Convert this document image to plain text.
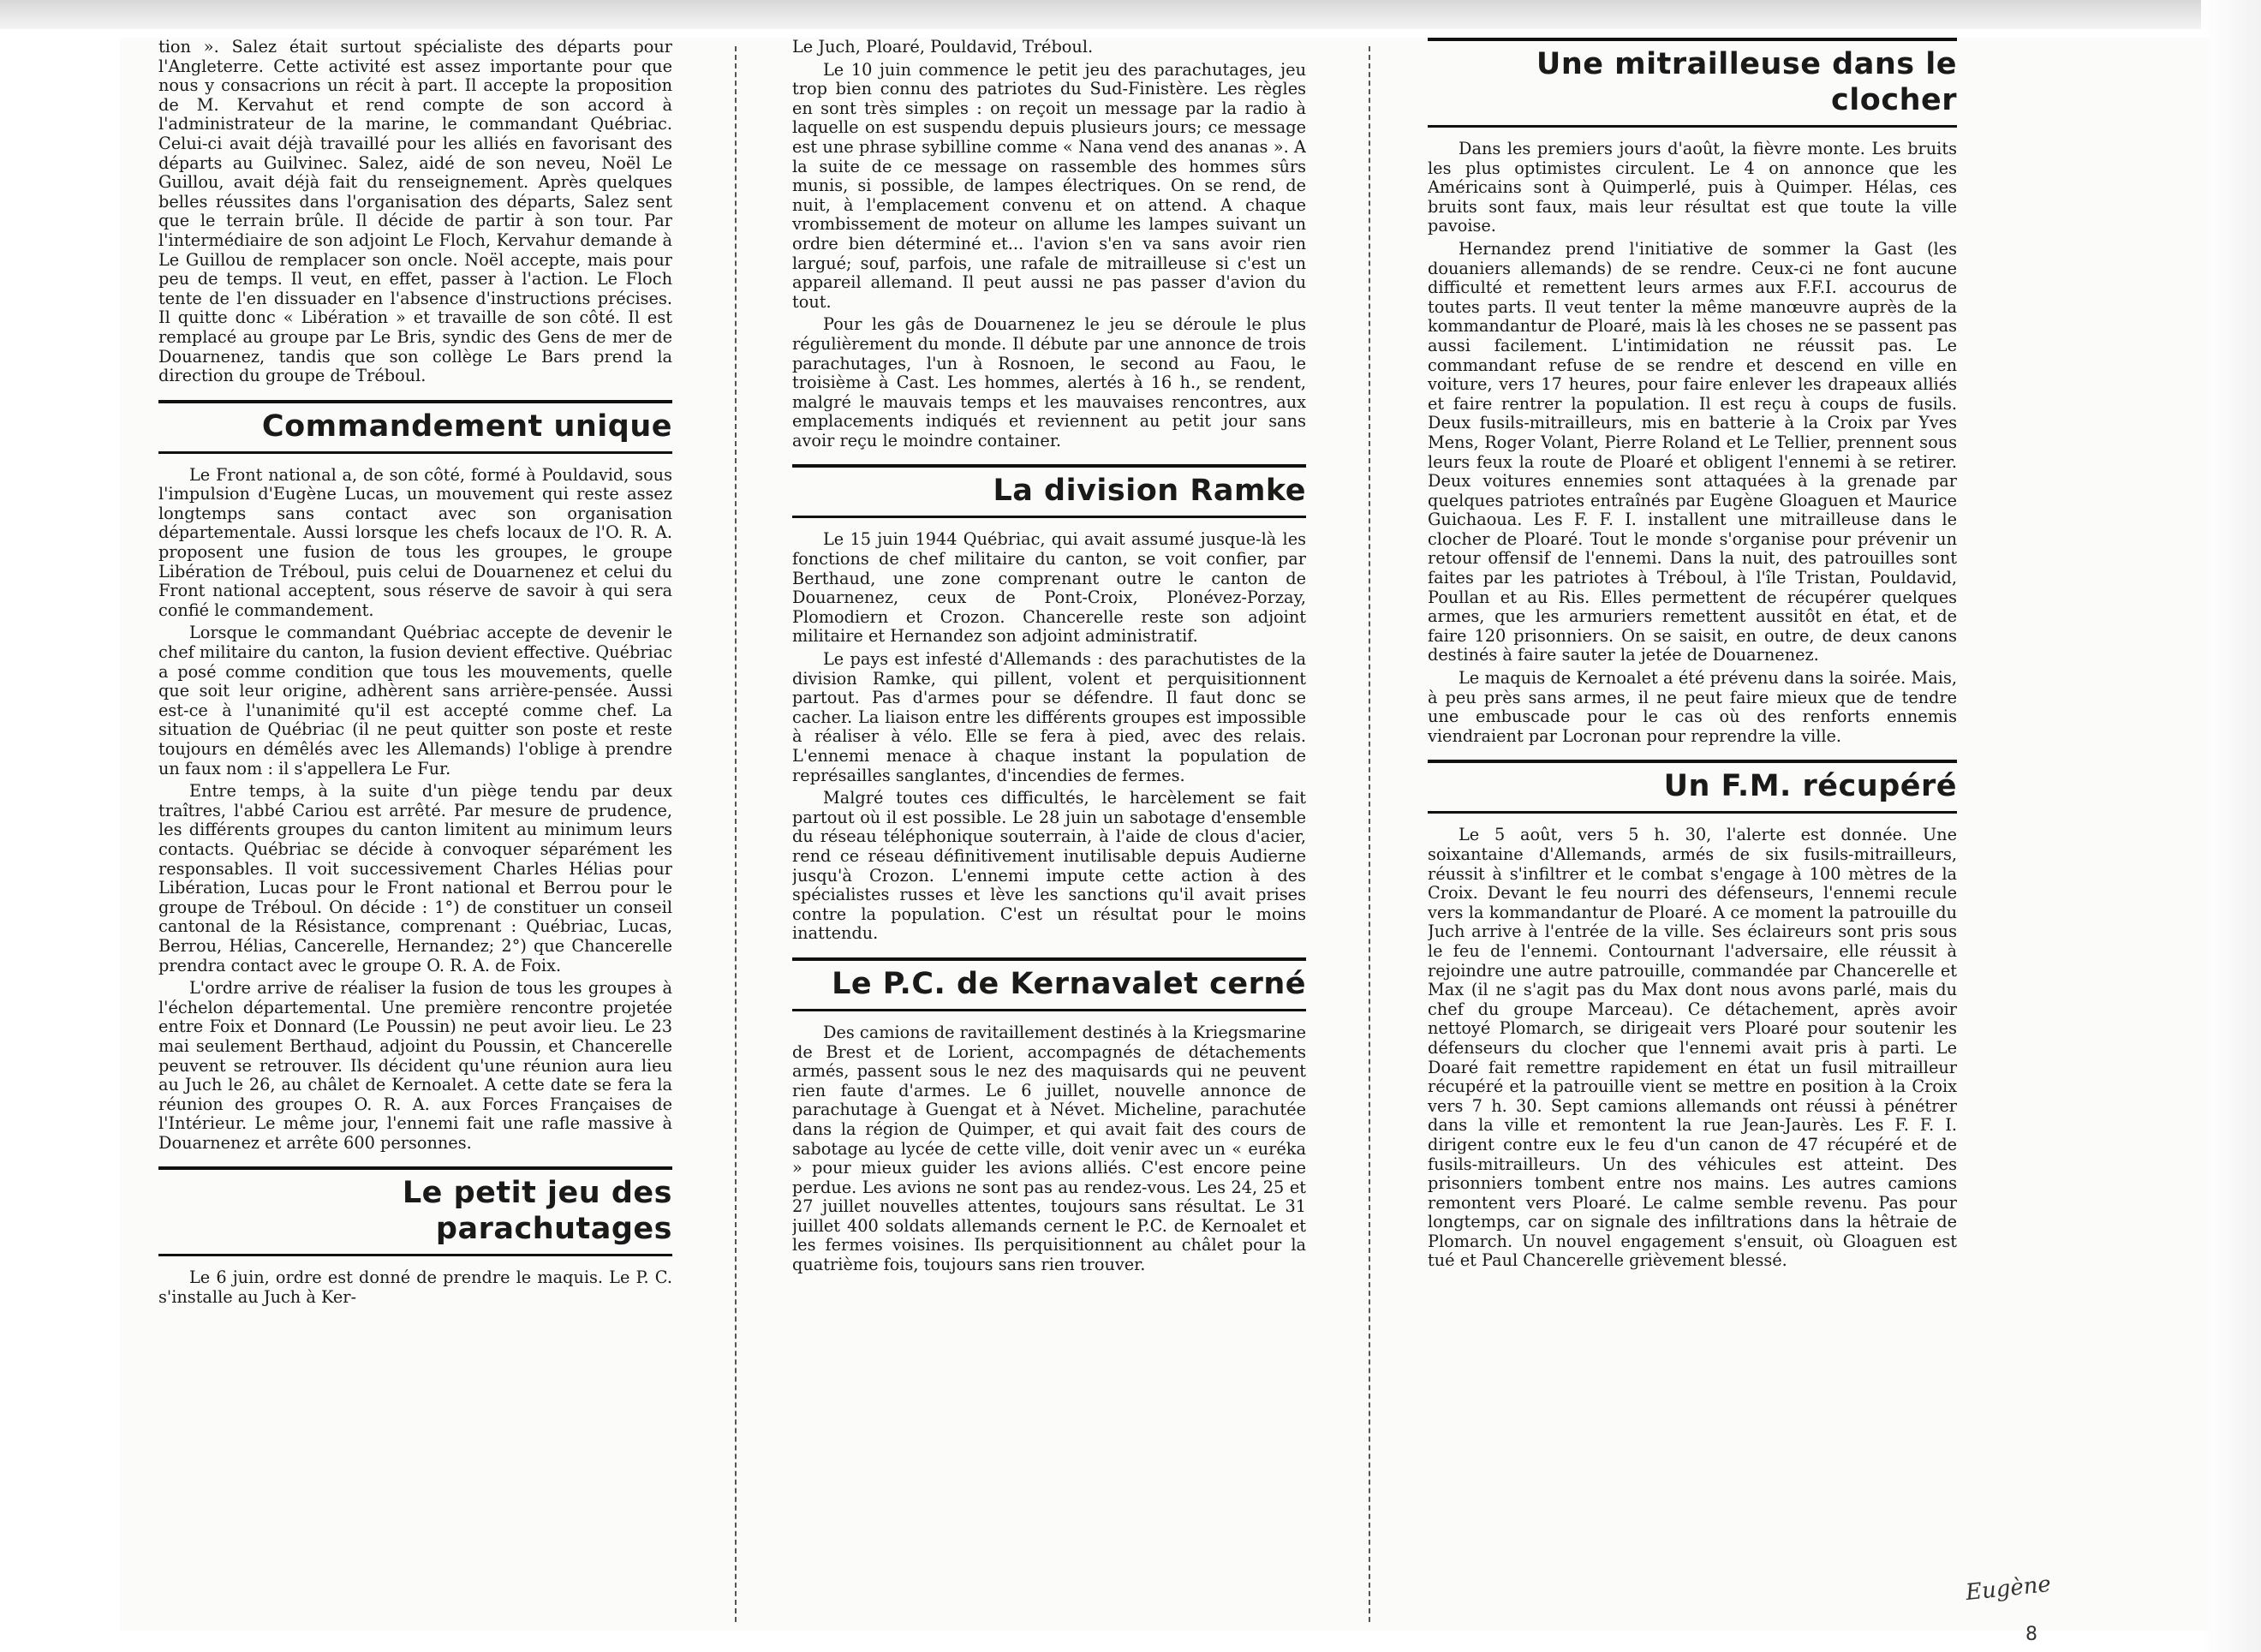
tion ». Salez était surtout spécialiste des départs pour l'Angleterre. Cette activité est assez importante pour que nous y consacrions un récit à part. Il accepte la proposition de M. Kervahut et rend compte de son accord à l'administrateur de la marine, le commandant Québriac. Celui-ci avait déjà travaillé pour les alliés en favorisant des départs au Guilvinec. Salez, aidé de son neveu, Noël Le Guillou, avait déjà fait du renseignement. Après quelques belles réussites dans l'organisation des départs, Salez sent que le terrain brûle. Il décide de partir à son tour. Par l'intermédiaire de son adjoint Le Floch, Kervahur demande à Le Guillou de remplacer son oncle. Noël accepte, mais pour peu de temps. Il veut, en effet, passer à l'action. Le Floch tente de l'en dissuader en l'absence d'instructions précises. Il quitte donc « Libération » et travaille de son côté. Il est remplacé au groupe par Le Bris, syndic des Gens de mer de Douarnenez, tandis que son collège Le Bars prend la direction du groupe de Tréboul.

Commandement unique

Le Front national a, de son côté, formé à Pouldavid, sous l'impulsion d'Eugène Lucas, un mouvement qui reste assez longtemps sans contact avec son organisation départementale. Aussi lorsque les chefs locaux de l'O. R. A. proposent une fusion de tous les groupes, le groupe Libération de Tréboul, puis celui de Douarnenez et celui du Front national acceptent, sous réserve de savoir à qui sera confié le commandement.

Lorsque le commandant Québriac accepte de devenir le chef militaire du canton, la fusion devient effective. Québriac a posé comme condition que tous les mouvements, quelle que soit leur origine, adhèrent sans arrière-pensée. Aussi est-ce à l'unanimité qu'il est accepté comme chef. La situation de Québriac (il ne peut quitter son poste et reste toujours en démêlés avec les Allemands) l'oblige à prendre un faux nom : il s'appellera Le Fur.

Entre temps, à la suite d'un piège tendu par deux traîtres, l'abbé Cariou est arrêté. Par mesure de prudence, les différents groupes du canton limitent au minimum leurs contacts. Québriac se décide à convoquer séparément les responsables. Il voit successivement Charles Hélias pour Libération, Lucas pour le Front national et Berrou pour le groupe de Tréboul. On décide : 1°) de constituer un conseil cantonal de la Résistance, comprenant : Québriac, Lucas, Berrou, Hélias, Cancerelle, Hernandez; 2°) que Chancerelle prendra contact avec le groupe O. R. A. de Foix.

L'ordre arrive de réaliser la fusion de tous les groupes à l'échelon départemental. Une première rencontre projetée entre Foix et Donnard (Le Poussin) ne peut avoir lieu. Le 23 mai seulement Berthaud, adjoint du Poussin, et Chancerelle peuvent se retrouver. Ils décident qu'une réunion aura lieu au Juch le 26, au châlet de Kernoalet. A cette date se fera la réunion des groupes O. R. A. aux Forces Françaises de l'Intérieur. Le même jour, l'ennemi fait une rafle massive à Douarnenez et arrête 600 personnes.

Le petit jeu des parachutages

Le 6 juin, ordre est donné de prendre le maquis. Le P. C. s'installe au Juch à Ker-

Le Juch, Ploaré, Pouldavid, Tréboul.

Le 10 juin commence le petit jeu des parachutages, jeu trop bien connu des patriotes du Sud-Finistère. Les règles en sont très simples : on reçoit un message par la radio à laquelle on est suspendu depuis plusieurs jours; ce message est une phrase sybilline comme « Nana vend des ananas ». A la suite de ce message on rassemble des hommes sûrs munis, si possible, de lampes électriques. On se rend, de nuit, à l'emplacement convenu et on attend. A chaque vrombissement de moteur on allume les lampes suivant un ordre bien déterminé et... l'avion s'en va sans avoir rien largué; souf, parfois, une rafale de mitrailleuse si c'est un appareil allemand. Il peut aussi ne pas passer d'avion du tout.

Pour les gâs de Douarnenez le jeu se déroule le plus régulièrement du monde. Il débute par une annonce de trois parachutages, l'un à Rosnoen, le second au Faou, le troisième à Cast. Les hommes, alertés à 16 h., se rendent, malgré le mauvais temps et les mauvaises rencontres, aux emplacements indiqués et reviennent au petit jour sans avoir reçu le moindre container.

La division Ramke

Le 15 juin 1944 Québriac, qui avait assumé jusque-là les fonctions de chef militaire du canton, se voit confier, par Berthaud, une zone comprenant outre le canton de Douarnenez, ceux de Pont-Croix, Plonévez-Porzay, Plomodiern et Crozon. Chancerelle reste son adjoint militaire et Hernandez son adjoint administratif.

Le pays est infesté d'Allemands : des parachutistes de la division Ramke, qui pillent, volent et perquisitionnent partout. Pas d'armes pour se défendre. Il faut donc se cacher. La liaison entre les différents groupes est impossible à réaliser à vélo. Elle se fera à pied, avec des relais. L'ennemi menace à chaque instant la population de représailles sanglantes, d'incendies de fermes.

Malgré toutes ces difficultés, le harcèlement se fait partout où il est possible. Le 28 juin un sabotage d'ensemble du réseau téléphonique souterrain, à l'aide de clous d'acier, rend ce réseau définitivement inutilisable depuis Audierne jusqu'à Crozon. L'ennemi impute cette action à des spécialistes russes et lève les sanctions qu'il avait prises contre la population. C'est un résultat pour le moins inattendu.

Le P.C. de Kernavalet cerné

Des camions de ravitaillement destinés à la Kriegsmarine de Brest et de Lorient, accompagnés de détachements armés, passent sous le nez des maquisards qui ne peuvent rien faute d'armes. Le 6 juillet, nouvelle annonce de parachutage à Guengat et à Névet. Micheline, parachutée dans la région de Quimper, et qui avait fait des cours de sabotage au lycée de cette ville, doit venir avec un « euréka » pour mieux guider les avions alliés. C'est encore peine perdue. Les avions ne sont pas au rendez-vous. Les 24, 25 et 27 juillet nouvelles attentes, toujours sans résultat. Le 31 juillet 400 soldats allemands cernent le P.C. de Kernoalet et les fermes voisines. Ils perquisitionnent au châlet pour la quatrième fois, toujours sans rien trouver.

Une mitrailleuse dans le clocher

Dans les premiers jours d'août, la fièvre monte. Les bruits les plus optimistes circulent. Le 4 on annonce que les Américains sont à Quimperlé, puis à Quimper. Hélas, ces bruits sont faux, mais leur résultat est que toute la ville pavoise.

Hernandez prend l'initiative de sommer la Gast (les douaniers allemands) de se rendre. Ceux-ci ne font aucune difficulté et remettent leurs armes aux F.F.I. accourus de toutes parts. Il veut tenter la même manœuvre auprès de la kommandantur de Ploaré, mais là les choses ne se passent pas aussi facilement. L'intimidation ne réussit pas. Le commandant refuse de se rendre et descend en ville en voiture, vers 17 heures, pour faire enlever les drapeaux alliés et faire rentrer la population. Il est reçu à coups de fusils. Deux fusils-mitrailleurs, mis en batterie à la Croix par Yves Mens, Roger Volant, Pierre Roland et Le Tellier, prennent sous leurs feux la route de Ploaré et obligent l'ennemi à se retirer. Deux voitures ennemies sont attaquées à la grenade par quelques patriotes entraînés par Eugène Gloaguen et Maurice Guichaoua. Les F. F. I. installent une mitrailleuse dans le clocher de Ploaré. Tout le monde s'organise pour prévenir un retour offensif de l'ennemi. Dans la nuit, des patrouilles sont faites par les patriotes à Tréboul, à l'île Tristan, Pouldavid, Poullan et au Ris. Elles permettent de récupérer quelques armes, que les armuriers remettent aussitôt en état, et de faire 120 prisonniers. On se saisit, en outre, de deux canons destinés à faire sauter la jetée de Douarnenez.

Le maquis de Kernoalet a été prévenu dans la soirée. Mais, à peu près sans armes, il ne peut faire mieux que de tendre une embuscade pour le cas où des renforts ennemis viendraient par Locronan pour reprendre la ville.

Un F.M. récupéré

Le 5 août, vers 5 h. 30, l'alerte est donnée. Une soixantaine d'Allemands, armés de six fusils-mitrailleurs, réussit à s'infiltrer et le combat s'engage à 100 mètres de la Croix. Devant le feu nourri des défenseurs, l'ennemi recule vers la kommandantur de Ploaré. A ce moment la patrouille du Juch arrive à l'entrée de la ville. Ses éclaireurs sont pris sous le feu de l'ennemi. Contournant l'adversaire, elle réussit à rejoindre une autre patrouille, commandée par Chancerelle et Max (il ne s'agit pas du Max dont nous avons parlé, mais du chef du groupe Marceau). Ce détachement, après avoir nettoyé Plomarch, se dirigeait vers Ploaré pour soutenir les défenseurs du clocher que l'ennemi avait pris à parti. Le Doaré fait remettre rapidement en état un fusil mitrailleur récupéré et la patrouille vient se mettre en position à la Croix vers 7 h. 30. Sept camions allemands ont réussi à pénétrer dans la ville et remontent la rue Jean-Jaurès. Les F. F. I. dirigent contre eux le feu d'un canon de 47 récupéré et de fusils-mitrailleurs. Un des véhicules est atteint. Des prisonniers tombent entre nos mains. Les autres camions remontent vers Ploaré. Le calme semble revenu. Pas pour longtemps, car on signale des infiltrations dans la hêtraie de Plomarch. Un nouvel engagement s'ensuit, où Gloaguen est tué et Paul Chancerelle grièvement blessé.

Eugène
8
